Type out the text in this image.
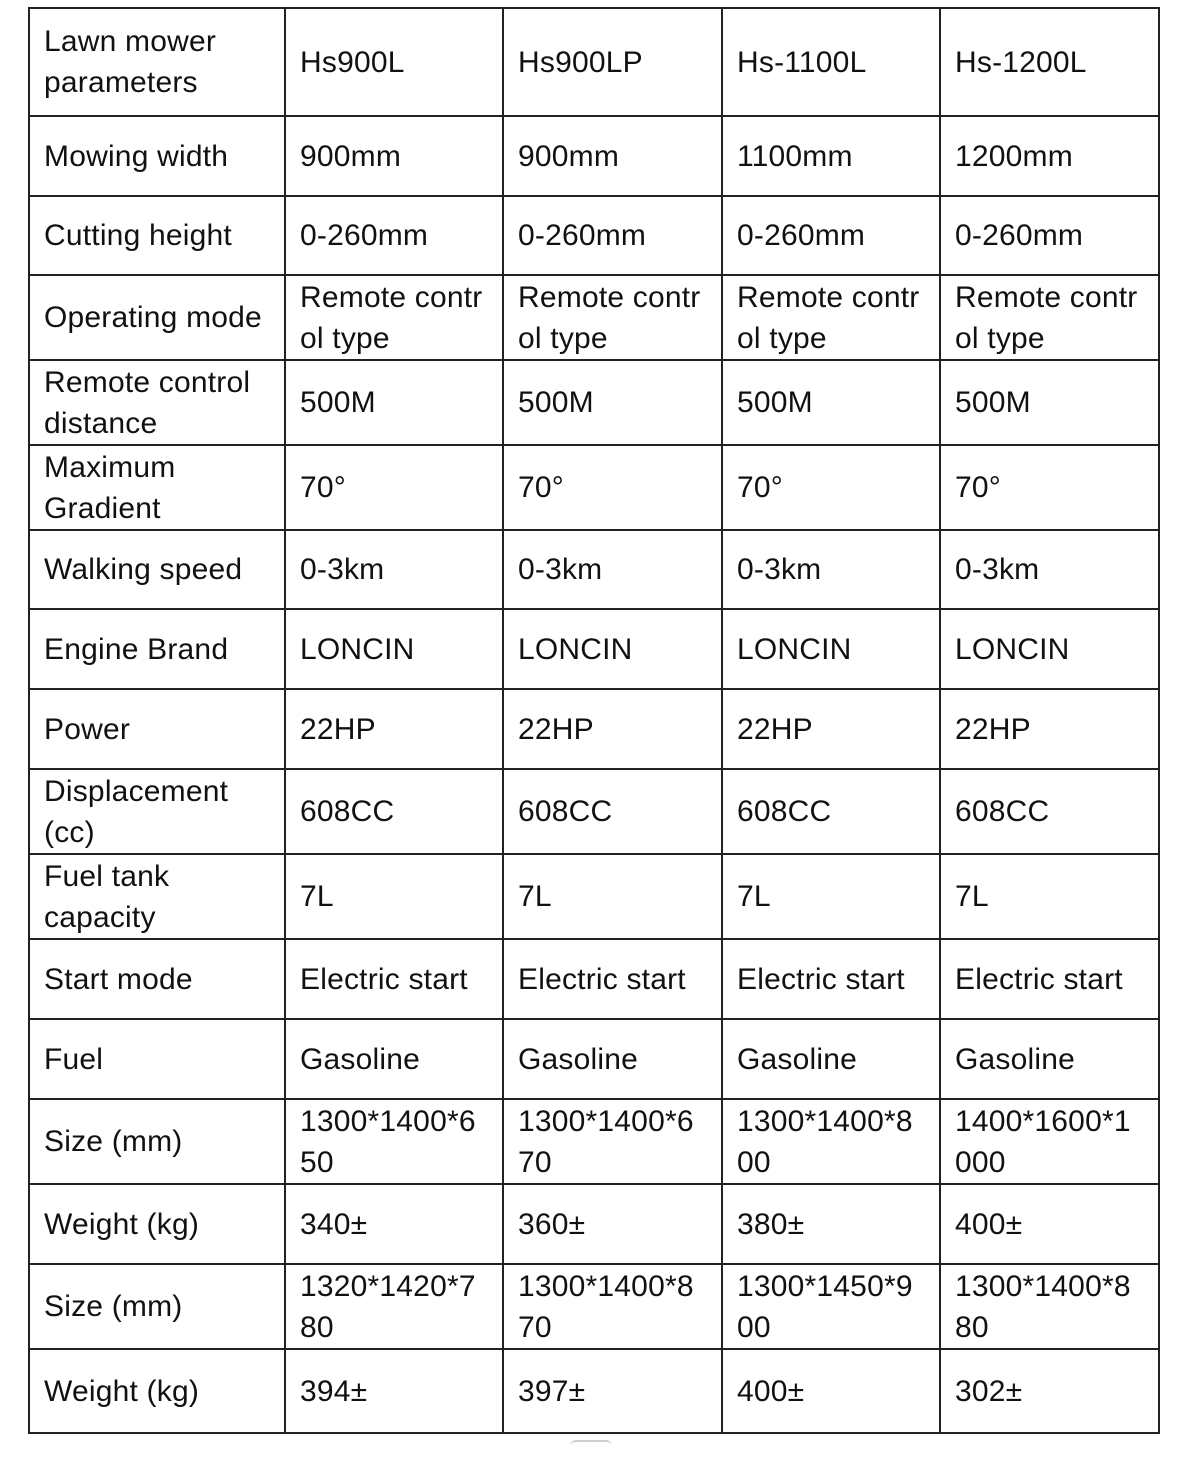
Lawn mower parameters	Hs900L	Hs900LP	Hs-1100L	Hs-1200L
Mowing width	900mm	900mm	1100mm	1200mm
Cutting height	0-260mm	0-260mm	0-260mm	0-260mm
Operating mode	Remote control type	Remote control type	Remote control type	Remote control type
Remote control distance	500M	500M	500M	500M
Maximum Gradient	70°	70°	70°	70°
Walking speed	0-3km	0-3km	0-3km	0-3km
Engine Brand	LONCIN	LONCIN	LONCIN	LONCIN
Power	22HP	22HP	22HP	22HP
Displacement (cc)	608CC	608CC	608CC	608CC
Fuel tank capacity	7L	7L	7L	7L
Start mode	Electric start	Electric start	Electric start	Electric start
Fuel	Gasoline	Gasoline	Gasoline	Gasoline
Size (mm)	1300*1400*650	1300*1400*670	1300*1400*800	1400*1600*1000
Weight (kg)	340±	360±	380±	400±
Size (mm)	1320*1420*780	1300*1400*870	1300*1450*900	1300*1400*880
Weight (kg)	394±	397±	400±	302±
